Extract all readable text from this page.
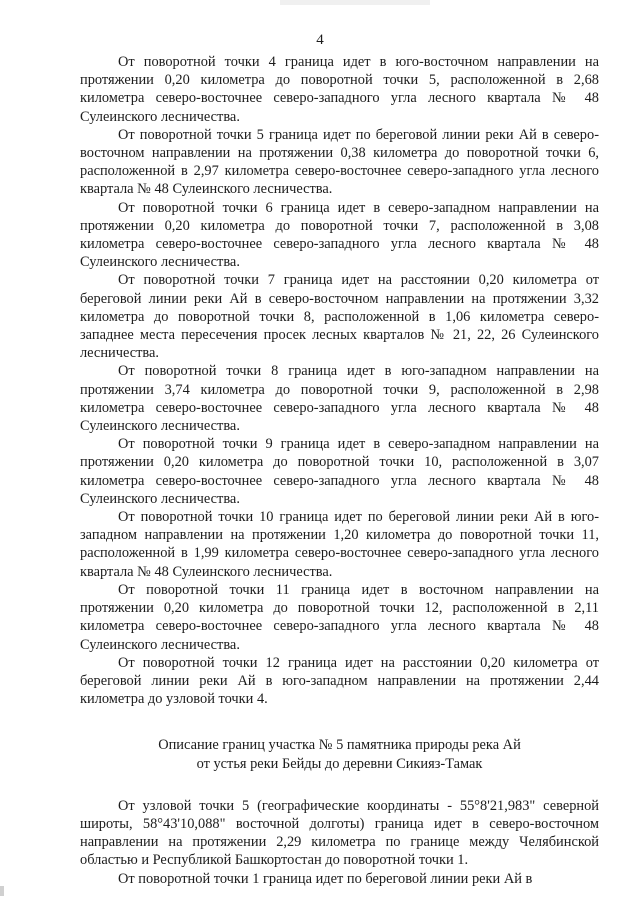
4

От поворотной точки 4 граница идет в юго-восточном направлении на протяжении 0,20 километра до поворотной точки 5, расположенной в 2,68 километра северо-восточнее северо-западного угла лесного квартала № 48 Сулеинского лесничества.

От поворотной точки 5 граница идет по береговой линии реки Ай в северо-восточном направлении на протяжении 0,38 километра до поворотной точки 6, расположенной в 2,97 километра северо-восточнее северо-западного угла лесного квартала № 48 Сулеинского лесничества.

От поворотной точки 6 граница идет в северо-западном направлении на протяжении 0,20 километра до поворотной точки 7, расположенной в 3,08 километра северо-восточнее северо-западного угла лесного квартала № 48 Сулеинского лесничества.

От поворотной точки 7 граница идет на расстоянии 0,20 километра от береговой линии реки Ай в северо-восточном направлении на протяжении 3,32 километра до поворотной точки 8, расположенной в 1,06 километра северо-западнее места пересечения просек лесных кварталов № 21, 22, 26 Сулеинского лесничества.

От поворотной точки 8 граница идет в юго-западном направлении на протяжении 3,74 километра до поворотной точки 9, расположенной в 2,98 километра северо-восточнее северо-западного угла лесного квартала № 48 Сулеинского лесничества.

От поворотной точки 9 граница идет в северо-западном направлении на протяжении 0,20 километра до поворотной точки 10, расположенной в 3,07 километра северо-восточнее северо-западного угла лесного квартала № 48 Сулеинского лесничества.

От поворотной точки 10 граница идет по береговой линии реки Ай в юго-западном направлении на протяжении 1,20 километра до поворотной точки 11, расположенной в 1,99 километра северо-восточнее северо-западного угла лесного квартала № 48 Сулеинского лесничества.

От поворотной точки 11 граница идет в восточном направлении на протяжении 0,20 километра до поворотной точки 12, расположенной в 2,11 километра северо-восточнее северо-западного угла лесного квартала № 48 Сулеинского лесничества.

От поворотной точки 12 граница идет на расстоянии 0,20 километра от береговой линии реки Ай в юго-западном направлении на протяжении 2,44 километра до узловой точки 4.

Описание границ участка № 5 памятника природы река Ай
от устья реки Бейды до деревни Сикияз-Тамак

От узловой точки 5 (географические координаты - 55°8'21,983" северной широты, 58°43'10,088" восточной долготы) граница идет в северо-восточном направлении на протяжении 2,29 километра по границе между Челябинской областью и Республикой Башкортостан до поворотной точки 1.

От поворотной точки 1 граница идет по береговой линии реки Ай в
